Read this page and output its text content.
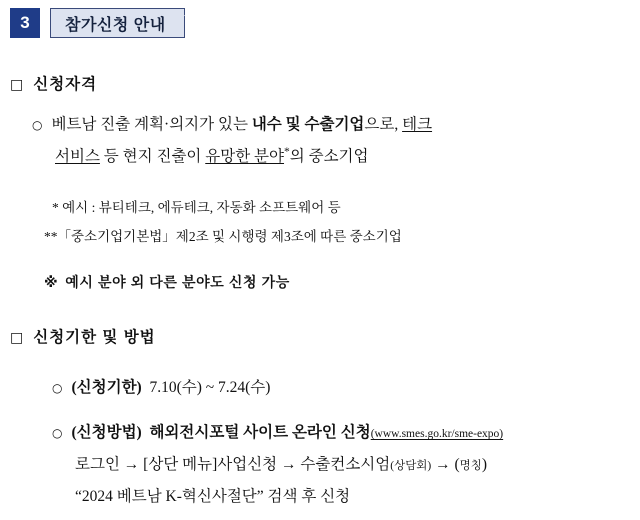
3	참가신청 안내
□ 신청자격
○ 베트남 진출 계획·의지가 있는 내수 및 수출기업으로, 테크
서비스 등 현지 진출이 유망한 분야*의 중소기업
* 예시 : 뷰티테크, 에듀테크, 자동화 소프트웨어 등
**「중소기업기본법」제2조 및 시행령 제3조에 따른 중소기업
※ 예시 분야 외 다른 분야도 신청 가능
□ 신청기한 및 방법
○ (신청기한) 7.10(수) ~ 7.24(수)
○ (신청방법) 해외전시포털 사이트 온라인 신청(www.smes.go.kr/sme-expo)
로그인 → [상단 메뉴]사업신청 → 수출컨소시엄(상담회) → (명칭)
“2024 베트남 K-혁신사절단” 검색 후 신청
